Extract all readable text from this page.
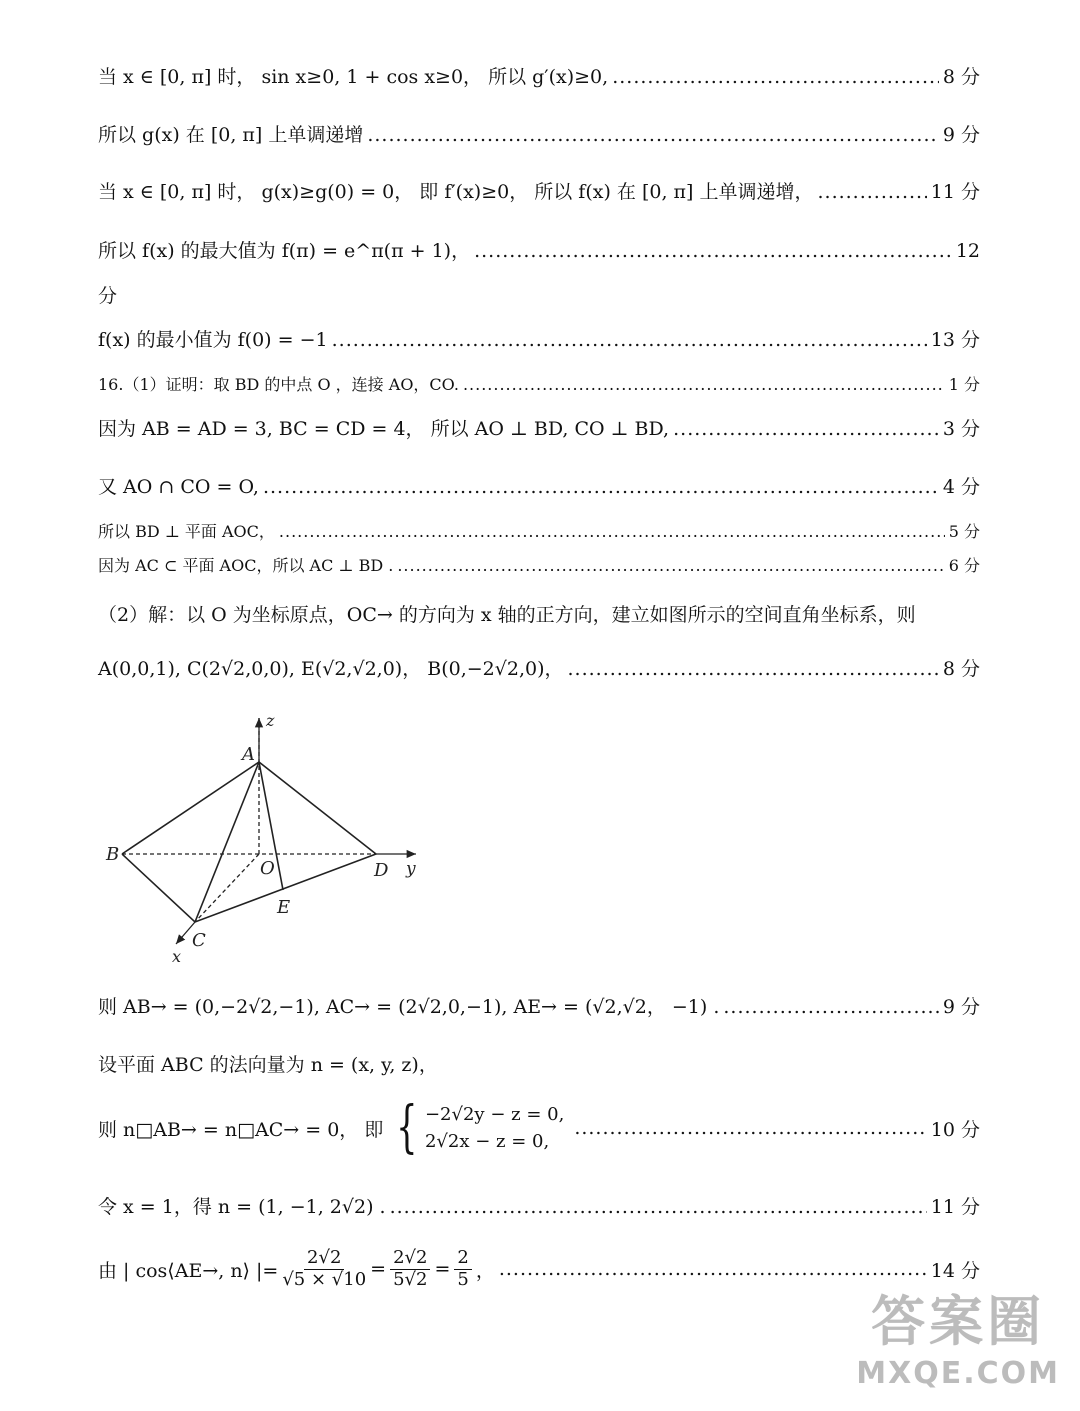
当 x ∈ [0, π] 时， sin x≥0, 1 + cos x≥0， 所以 g′(x)≥0, .....	8 分
所以 g(x) 在 [0, π] 上单调递增 .....	9 分
当 x ∈ [0, π] 时， g(x)≥g(0) = 0， 即 f′(x)≥0， 所以 f(x) 在 [0, π] 上单调递增， .....	11 分
所以 f(x) 的最大值为 f(π) = e^π(π + 1)， .....	12
分
f(x) 的最小值为 f(0) = −1 .....	13 分
16.（1）证明：取 BD 的中点 O ，连接 AO，CO. .....	1 分
因为 AB = AD = 3, BC = CD = 4， 所以 AO ⊥ BD, CO ⊥ BD, .....	3 分
又 AO ∩ CO = O, .....	4 分
所以 BD ⊥ 平面 AOC， .....	5 分
因为 AC ⊂ 平面 AOC，所以 AC ⊥ BD . .....	6 分
（2）解：以 O 为坐标原点，OC→ 的方向为 x 轴的正方向，建立如图所示的空间直角坐标系，则
A(0,0,1), C(2√2,0,0), E(√2,√2,0)， B(0,−2√2,0)， .....	8 分
z
A
B
O	D y
E
C
x
则 AB→ = (0,−2√2,−1), AC→ = (2√2,0,−1), AE→ = (√2,√2， −1) . .....	9 分
设平面 ABC 的法向量为 n = (x, y, z)，
则 n□AB→ = n□AC→ = 0， 即 { −2√2y − z = 0,
2√2x − z = 0,
.....
10 分
令 x = 1，得 n = (1, −1, 2√2) . .....	11 分
由 | cos⟨AE→, n⟩ |= $\frac{2√2}{√5 \times √10} = \frac{2√2}{5√2} = \frac{2}{5}$ ， .....	14 分
答案圈
MXQE.COM
